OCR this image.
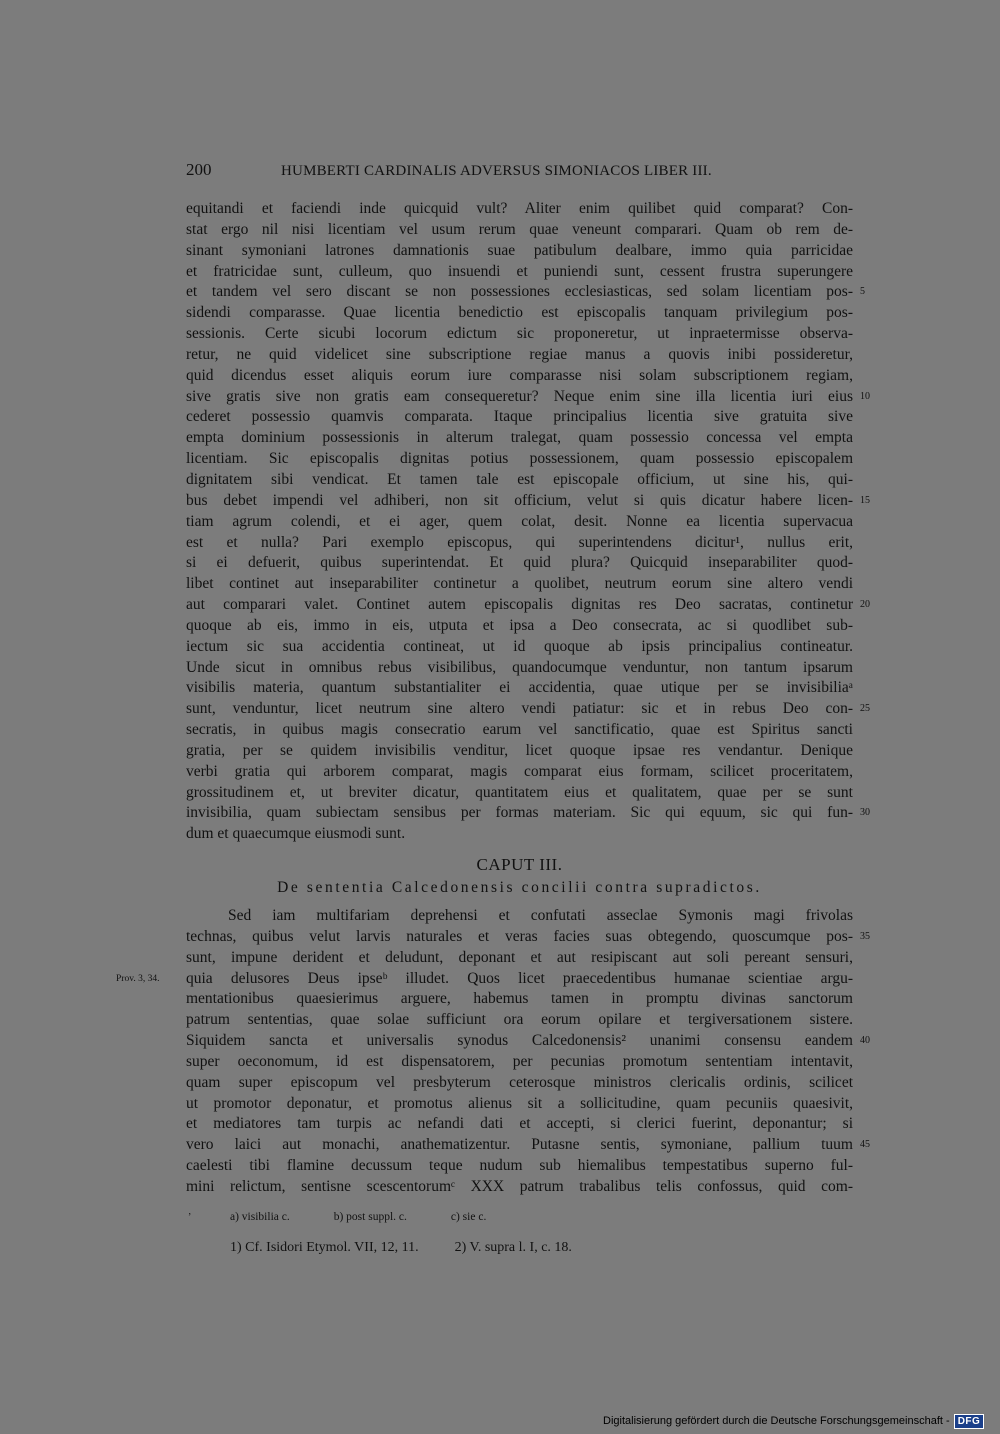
200	HUMBERTI CARDINALIS ADVERSUS SIMONIACOS LIBER III.
equitandi et faciendi inde quicquid vult? Aliter enim quilibet quid comparat? Con-
stat ergo nil nisi licentiam vel usum rerum quae veneunt comparari. Quam ob rem de-
sinant symoniani latrones damnationis suae patibulum dealbare, immo quia parricidae
et fratricidae sunt, culleum, quo insuendi et puniendi sunt, cessent frustra superungere
et tandem vel sero discant se non possessiones ecclesiasticas, sed solam licentiam pos- 5
sidendi comparasse. Quae licentia benedictio est episcopalis tanquam privilegium pos-
sessionis. Certe sicubi locorum edictum sic proponeretur, ut inpraetermisse observa-
retur, ne quid videlicet sine subscriptione regiae manus a quovis inibi possideretur,
quid dicendus esset aliquis eorum iure comparasse nisi solam subscriptionem regiam,
sive gratis sive non gratis eam consequeretur? Neque enim sine illa licentia iuri eius 10
cederet possessio quamvis comparata. Itaque principalius licentia sive gratuita sive
empta dominium possessionis in alterum tralegat, quam possessio concessa vel empta
licentiam. Sic episcopalis dignitas potius possessionem, quam possessio episcopalem
dignitatem sibi vendicat. Et tamen tale est episcopale officium, ut sine his, qui-
bus debet impendi vel adhiberi, non sit officium, velut si quis dicatur habere licen- 15
tiam agrum colendi, et ei ager, quem colat, desit. Nonne ea licentia supervacua
est et nulla? Pari exemplo episcopus, qui superintendens dicitur¹, nullus erit,
si ei defuerit, quibus superintendat. Et quid plura? Quicquid inseparabiliter quod-
libet continet aut inseparabiliter continetur a quolibet, neutrum eorum sine altero vendi
aut comparari valet. Continet autem episcopalis dignitas res Deo sacratas, continetur 20
quoque ab eis, immo in eis, utputa et ipsa a Deo consecrata, ac si quodlibet sub-
iectum sic sua accidentia contineat, ut id quoque ab ipsis principalius contineatur.
Unde sicut in omnibus rebus visibilibus, quandocumque venduntur, non tantum ipsarum
visibilis materia, quantum substantialiter ei accidentia, quae utique per se invisibiliaᵃ
sunt, venduntur, licet neutrum sine altero vendi patiatur: sic et in rebus Deo con- 25
secratis, in quibus magis consecratio earum vel sanctificatio, quae est Spiritus sancti
gratia, per se quidem invisibilis venditur, licet quoque ipsae res vendantur. Denique
verbi gratia qui arborem comparat, magis comparat eius formam, scilicet proceritatem,
grossitudinem et, ut breviter dicatur, quantitatem eius et qualitatem, quae per se sunt
invisibilia, quam subiectam sensibus per formas materiam. Sic qui equum, sic qui fun- 30
dum et quaecumque eiusmodi sunt.
CAPUT III.
De sententia Calcedonensis concilii contra supradictos.
Sed iam multifariam deprehensi et confutati asseclae Symonis magi frivolas
technas, quibus velut larvis naturales et veras facies suas obtegendo, quoscumque pos- 35
sunt, impune derident et deludunt, deponant et aut resipiscant aut soli pereant sensuri,
quia delusores Deus ipseᵇ illudet. Quos licet praecedentibus humanae scientiae argu-
Prov. 3, 34.
mentationibus quaesierimus arguere, habemus tamen in promptu divinas sanctorum
patrum sententias, quae solae sufficiunt ora eorum opilare et tergiversationem sistere.
Siquidem sancta et universalis synodus Calcedonensis² unanimi consensu eandem 40
super oeconomum, id est dispensatorem, per pecunias promotum sententiam intentavit,
quam super episcopum vel presbyterum ceterosque ministros clericalis ordinis, scilicet
ut promotor deponatur, et promotus alienus sit a sollicitudine, quam pecuniis quaesivit,
et mediatores tam turpis ac nefandi dati et accepti, si clerici fuerint, deponantur; si
vero laici aut monachi, anathematizentur. Putasne sentis, symoniane, pallium tuum 45
caelesti tibi flamine decussum teque nudum sub hiemalibus tempestatibus superno ful-
mini relictum, sentisne scescentorumᶜ XXX patrum trabalibus telis confossus, quid com-
ʼ	a) visibilia c.	b) post suppl. c.	c) sie c.
1) Cf. Isidori Etymol. VII, 12, 11.	2) V. supra l. I, c. 18.
Digitalisierung gefördert durch die Deutsche Forschungsgemeinschaft - DFG
